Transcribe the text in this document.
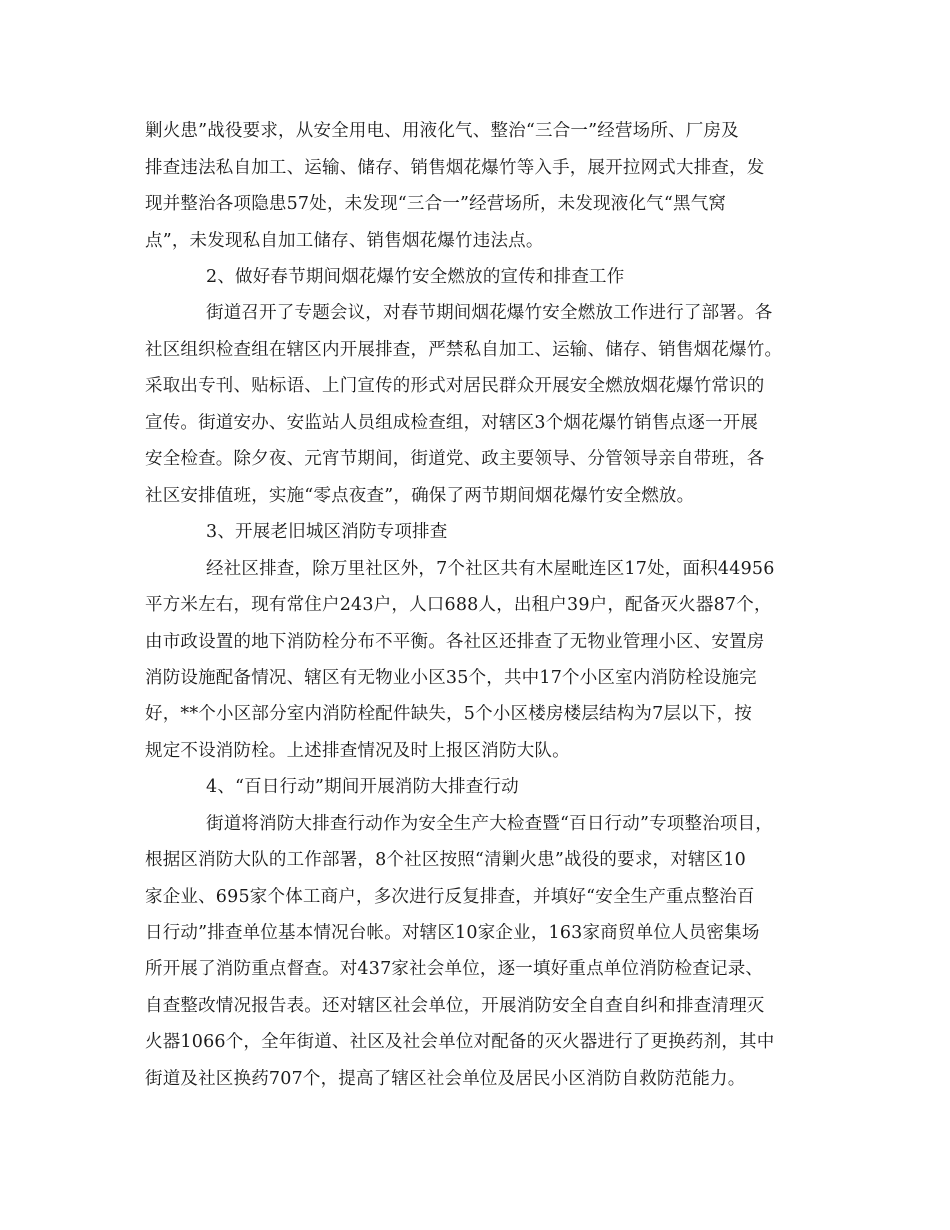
剿火患”战役要求，从安全用电、用液化气、整治“三合一”经营场所、厂房及
排查违法私自加工、运输、储存、销售烟花爆竹等入手，展开拉网式大排查，发
现并整治各项隐患57处，未发现“三合一”经营场所，未发现液化气“黑气窝
点”，未发现私自加工储存、销售烟花爆竹违法点。
2、做好春节期间烟花爆竹安全燃放的宣传和排查工作
街道召开了专题会议，对春节期间烟花爆竹安全燃放工作进行了部署。各
社区组织检查组在辖区内开展排查，严禁私自加工、运输、储存、销售烟花爆竹。
采取出专刊、贴标语、上门宣传的形式对居民群众开展安全燃放烟花爆竹常识的
宣传。街道安办、安监站人员组成检查组，对辖区3个烟花爆竹销售点逐一开展
安全检查。除夕夜、元宵节期间，街道党、政主要领导、分管领导亲自带班，各
社区安排值班，实施“零点夜查”，确保了两节期间烟花爆竹安全燃放。
3、开展老旧城区消防专项排查
经社区排查，除万里社区外，7个社区共有木屋毗连区17处，面积44956
平方米左右，现有常住户243户，人口688人，出租户39户，配备灭火器87个，
由市政设置的地下消防栓分布不平衡。各社区还排查了无物业管理小区、安置房
消防设施配备情况、辖区有无物业小区35个，共中17个小区室内消防栓设施完
好，**个小区部分室内消防栓配件缺失，5个小区楼房楼层结构为7层以下，按
规定不设消防栓。上述排查情况及时上报区消防大队。
4、“百日行动”期间开展消防大排查行动
街道将消防大排查行动作为安全生产大检查暨“百日行动”专项整治项目，
根据区消防大队的工作部署，8个社区按照“清剿火患”战役的要求，对辖区10
家企业、695家个体工商户，多次进行反复排查，并填好“安全生产重点整治百
日行动”排查单位基本情况台帐。对辖区10家企业，163家商贸单位人员密集场
所开展了消防重点督查。对437家社会单位，逐一填好重点单位消防检查记录、
自查整改情况报告表。还对辖区社会单位，开展消防安全自查自纠和排查清理灭
火器1066个，全年街道、社区及社会单位对配备的灭火器进行了更换药剂，其中
街道及社区换药707个，提高了辖区社会单位及居民小区消防自救防范能力。
